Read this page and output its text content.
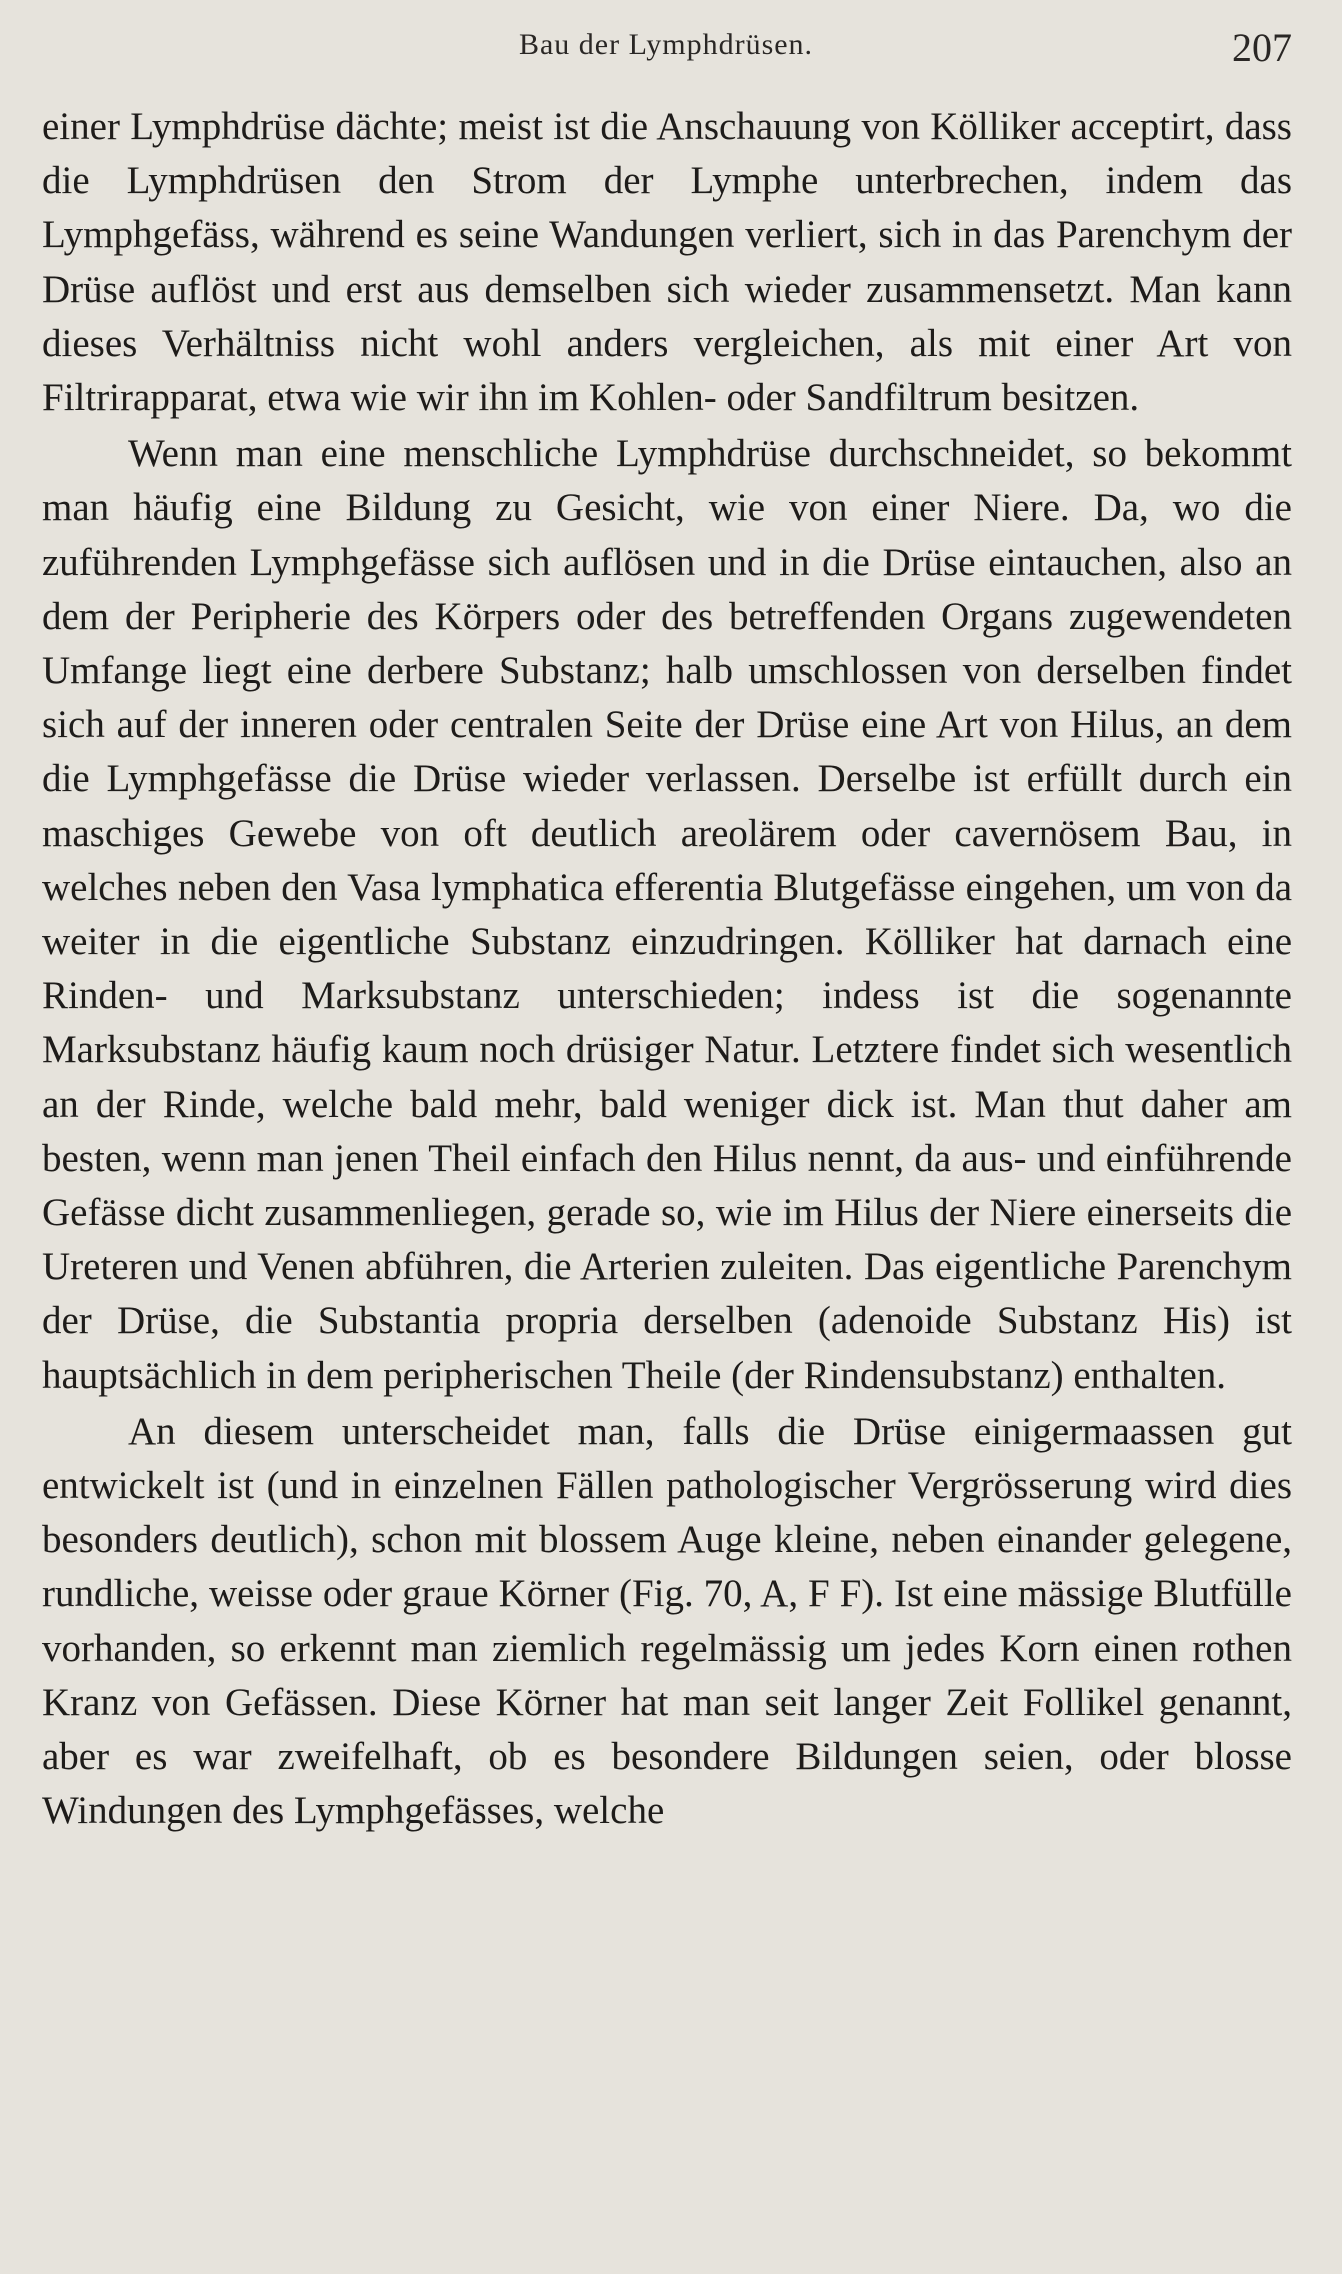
Bau der Lymphdrüsen.	207

einer Lymphdrüse dächte; meist ist die Anschauung von Kölliker acceptirt, dass die Lymphdrüsen den Strom der Lymphe unterbrechen, indem das Lymphgefäss, während es seine Wandungen verliert, sich in das Parenchym der Drüse auflöst und erst aus demselben sich wieder zusammensetzt. Man kann dieses Verhältniss nicht wohl anders vergleichen, als mit einer Art von Filtrirapparat, etwa wie wir ihn im Kohlen- oder Sandfiltrum besitzen.

Wenn man eine menschliche Lymphdrüse durchschneidet, so bekommt man häufig eine Bildung zu Gesicht, wie von einer Niere. Da, wo die zuführenden Lymphgefässe sich auflösen und in die Drüse eintauchen, also an dem der Peripherie des Körpers oder des betreffenden Organs zugewendeten Umfange liegt eine derbere Substanz; halb umschlossen von derselben findet sich auf der inneren oder centralen Seite der Drüse eine Art von Hilus, an dem die Lymphgefässe die Drüse wieder verlassen. Derselbe ist erfüllt durch ein maschiges Gewebe von oft deutlich areolärem oder cavernösem Bau, in welches neben den Vasa lymphatica efferentia Blutgefässe eingehen, um von da weiter in die eigentliche Substanz einzudringen. Kölliker hat darnach eine Rinden- und Marksubstanz unterschieden; indess ist die sogenannte Marksubstanz häufig kaum noch drüsiger Natur. Letztere findet sich wesentlich an der Rinde, welche bald mehr, bald weniger dick ist. Man thut daher am besten, wenn man jenen Theil einfach den Hilus nennt, da aus- und einführende Gefässe dicht zusammenliegen, gerade so, wie im Hilus der Niere einerseits die Ureteren und Venen abführen, die Arterien zuleiten. Das eigentliche Parenchym der Drüse, die Substantia propria derselben (adenoide Substanz His) ist hauptsächlich in dem peripherischen Theile (der Rindensubstanz) enthalten.

An diesem unterscheidet man, falls die Drüse einigermaassen gut entwickelt ist (und in einzelnen Fällen pathologischer Vergrösserung wird dies besonders deutlich), schon mit blossem Auge kleine, neben einander gelegene, rundliche, weisse oder graue Körner (Fig. 70, A, F F). Ist eine mässige Blutfülle vorhanden, so erkennt man ziemlich regelmässig um jedes Korn einen rothen Kranz von Gefässen. Diese Körner hat man seit langer Zeit Follikel genannt, aber es war zweifelhaft, ob es besondere Bildungen seien, oder blosse Windungen des Lymphgefässes, welche
